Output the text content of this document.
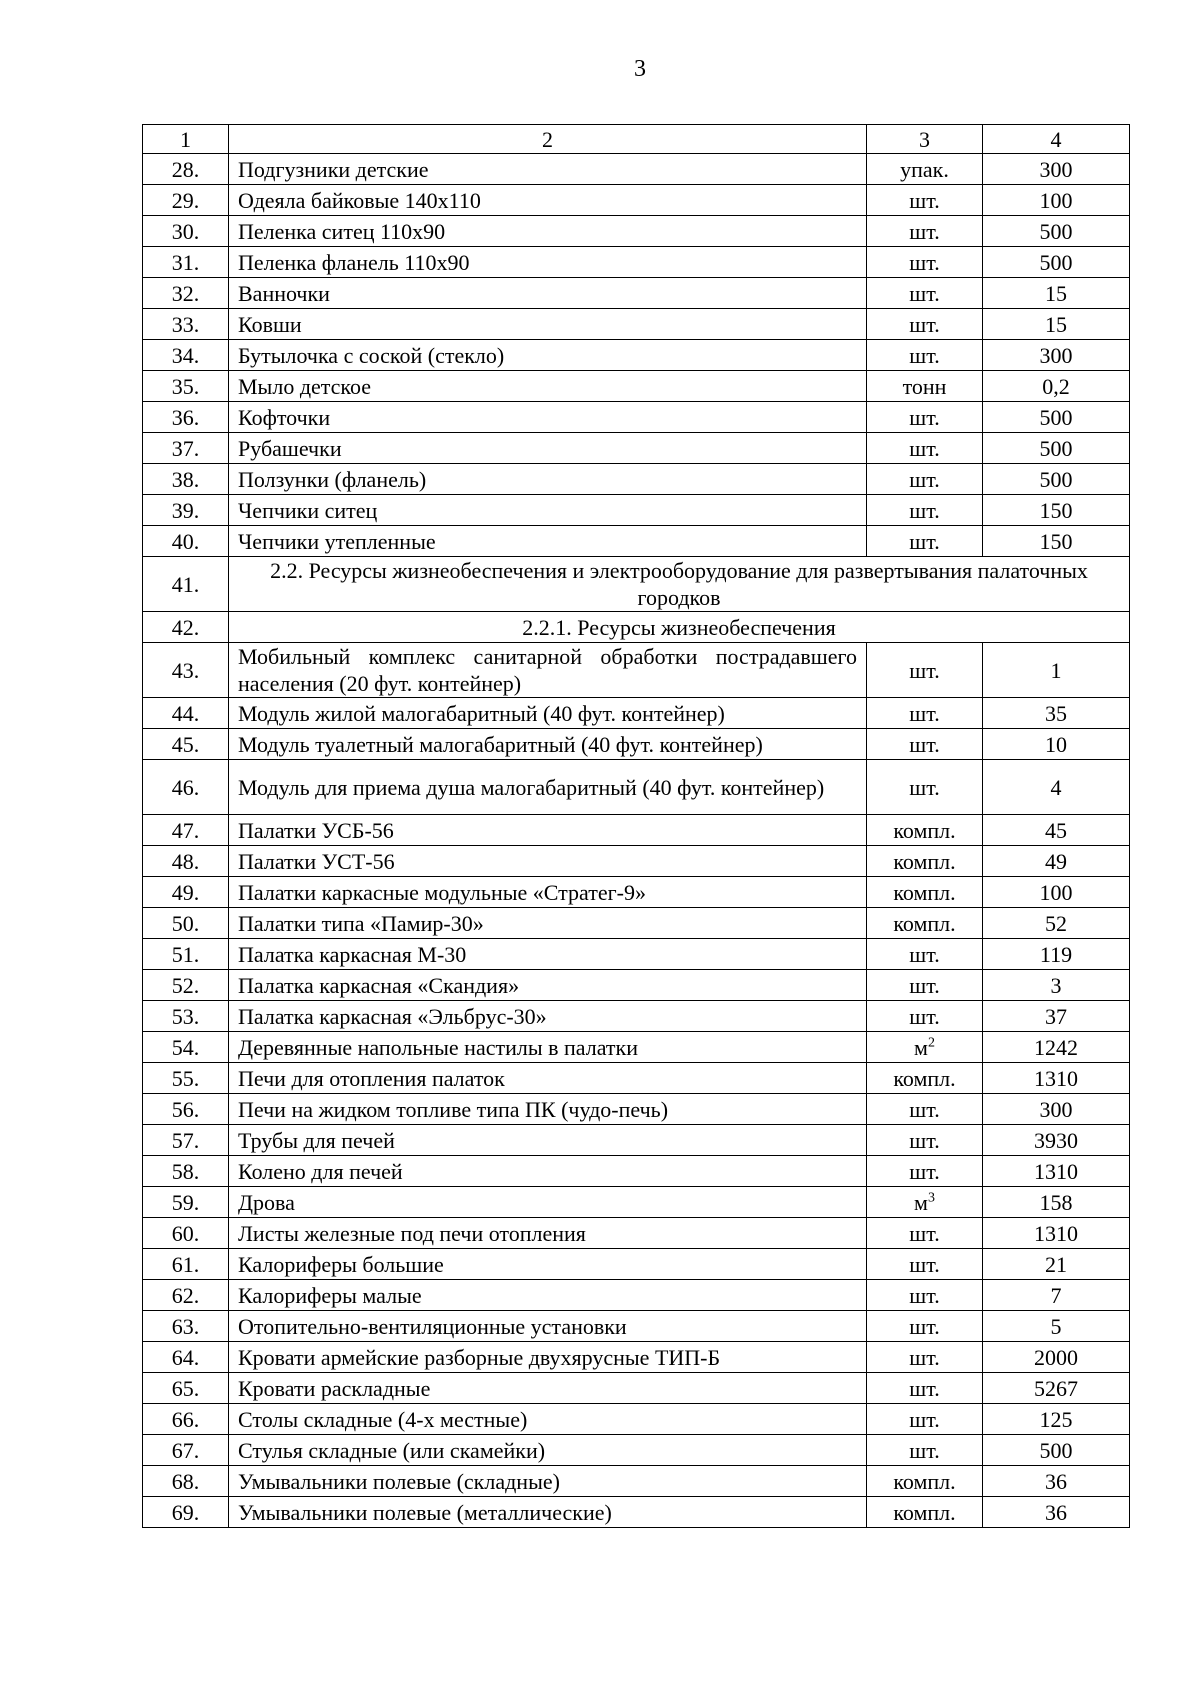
3
1	2	3	4
28.	Подгузники детские	упак.	300
29.	Одеяла байковые 140х110	шт.	100
30.	Пеленка ситец 110х90	шт.	500
31.	Пеленка фланель 110х90	шт.	500
32.	Ванночки	шт.	15
33.	Ковши	шт.	15
34.	Бутылочка с соской (стекло)	шт.	300
35.	Мыло детское	тонн	0,2
36.	Кофточки	шт.	500
37.	Рубашечки	шт.	500
38.	Ползунки (фланель)	шт.	500
39.	Чепчики ситец	шт.	150
40.	Чепчики утепленные	шт.	150
41.	2.2. Ресурсы жизнеобеспечения и электрооборудование для развертывания палаточных городков		
42.	2.2.1. Ресурсы жизнеобеспечения		
43.	Мобильный комплекс санитарной обработки пострадавшего населения (20 фут. контейнер)	шт.	1
44.	Модуль жилой малогабаритный (40 фут. контейнер)	шт.	35
45.	Модуль туалетный малогабаритный (40 фут. контейнер)	шт.	10
46.	Модуль для приема душа малогабаритный (40 фут. контейнер)	шт.	4
47.	Палатки УСБ-56	компл.	45
48.	Палатки УСТ-56	компл.	49
49.	Палатки каркасные модульные «Стратег-9»	компл.	100
50.	Палатки типа «Памир-30»	компл.	52
51.	Палатка каркасная М-30	шт.	119
52.	Палатка каркасная «Скандия»	шт.	3
53.	Палатка каркасная «Эльбрус-30»	шт.	37
54.	Деревянные напольные настилы в палатки	$м^2$	1242
55.	Печи для отопления палаток	компл.	1310
56.	Печи на жидком топливе типа ПК (чудо-печь)	шт.	300
57.	Трубы для печей	шт.	3930
58.	Колено для печей	шт.	1310
59.	Дрова	$м^3$	158
60.	Листы железные под печи отопления	шт.	1310
61.	Калориферы большие	шт.	21
62.	Калориферы малые	шт.	7
63.	Отопительно-вентиляционные установки	шт.	5
64.	Кровати армейские разборные двухярусные ТИП-Б	шт.	2000
65.	Кровати раскладные	шт.	5267
66.	Столы складные (4-х местные)	шт.	125
67.	Стулья складные (или скамейки)	шт.	500
68.	Умывальники полевые (складные)	компл.	36
69.	Умывальники полевые (металлические)	компл.	36
